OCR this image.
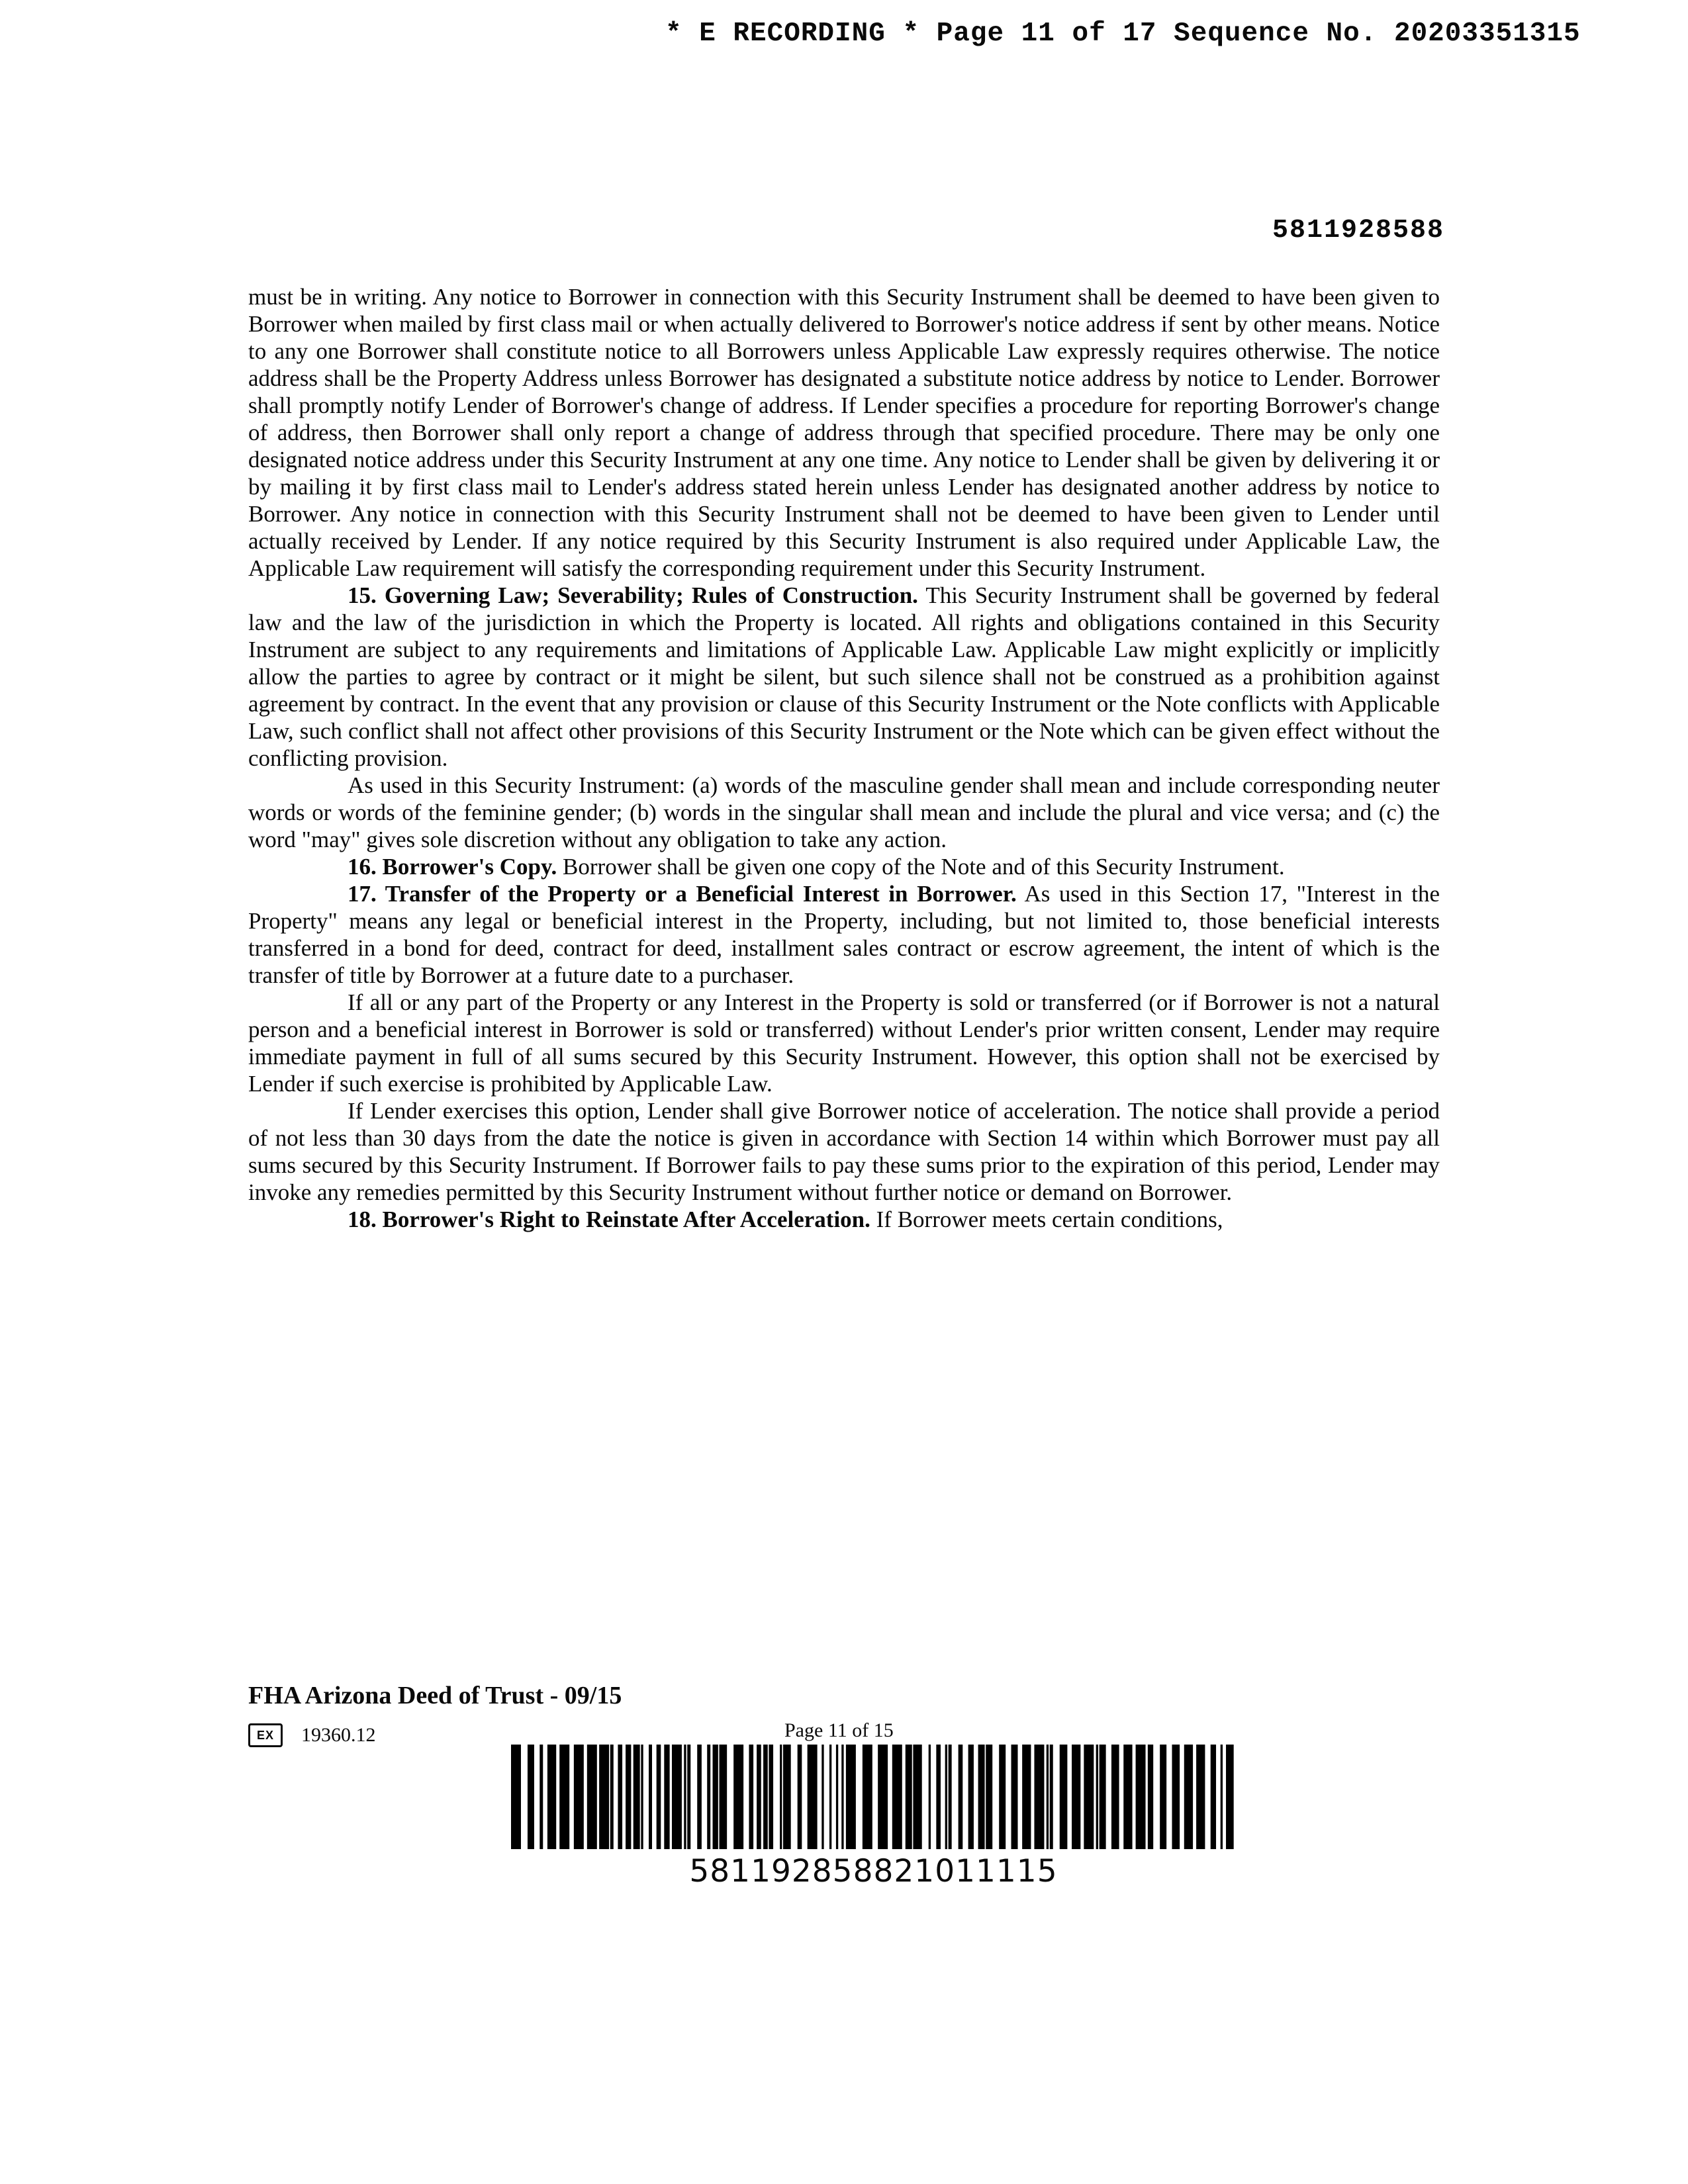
* E RECORDING * Page 11 of 17 Sequence No. 20203351315
5811928588

must be in writing. Any notice to Borrower in connection with this Security Instrument shall be deemed to have been given to Borrower when mailed by first class mail or when actually delivered to Borrower's notice address if sent by other means. Notice to any one Borrower shall constitute notice to all Borrowers unless Applicable Law expressly requires otherwise. The notice address shall be the Property Address unless Borrower has designated a substitute notice address by notice to Lender. Borrower shall promptly notify Lender of Borrower's change of address. If Lender specifies a procedure for reporting Borrower's change of address, then Borrower shall only report a change of address through that specified procedure. There may be only one designated notice address under this Security Instrument at any one time. Any notice to Lender shall be given by delivering it or by mailing it by first class mail to Lender's address stated herein unless Lender has designated another address by notice to Borrower. Any notice in connection with this Security Instrument shall not be deemed to have been given to Lender until actually received by Lender. If any notice required by this Security Instrument is also required under Applicable Law, the Applicable Law requirement will satisfy the corresponding requirement under this Security Instrument.

15. Governing Law; Severability; Rules of Construction. This Security Instrument shall be governed by federal law and the law of the jurisdiction in which the Property is located. All rights and obligations contained in this Security Instrument are subject to any requirements and limitations of Applicable Law. Applicable Law might explicitly or implicitly allow the parties to agree by contract or it might be silent, but such silence shall not be construed as a prohibition against agreement by contract. In the event that any provision or clause of this Security Instrument or the Note conflicts with Applicable Law, such conflict shall not affect other provisions of this Security Instrument or the Note which can be given effect without the conflicting provision.

As used in this Security Instrument: (a) words of the masculine gender shall mean and include corresponding neuter words or words of the feminine gender; (b) words in the singular shall mean and include the plural and vice versa; and (c) the word "may" gives sole discretion without any obligation to take any action.

16. Borrower's Copy. Borrower shall be given one copy of the Note and of this Security Instrument.

17. Transfer of the Property or a Beneficial Interest in Borrower. As used in this Section 17, "Interest in the Property" means any legal or beneficial interest in the Property, including, but not limited to, those beneficial interests transferred in a bond for deed, contract for deed, installment sales contract or escrow agreement, the intent of which is the transfer of title by Borrower at a future date to a purchaser.

If all or any part of the Property or any Interest in the Property is sold or transferred (or if Borrower is not a natural person and a beneficial interest in Borrower is sold or transferred) without Lender's prior written consent, Lender may require immediate payment in full of all sums secured by this Security Instrument. However, this option shall not be exercised by Lender if such exercise is prohibited by Applicable Law.

If Lender exercises this option, Lender shall give Borrower notice of acceleration. The notice shall provide a period of not less than 30 days from the date the notice is given in accordance with Section 14 within which Borrower must pay all sums secured by this Security Instrument. If Borrower fails to pay these sums prior to the expiration of this period, Lender may invoke any remedies permitted by this Security Instrument without further notice or demand on Borrower.

18. Borrower's Right to Reinstate After Acceleration. If Borrower meets certain conditions,

FHA Arizona Deed of Trust - 09/15
EX	19360.12	Page 11 of 15
581192858821011115
